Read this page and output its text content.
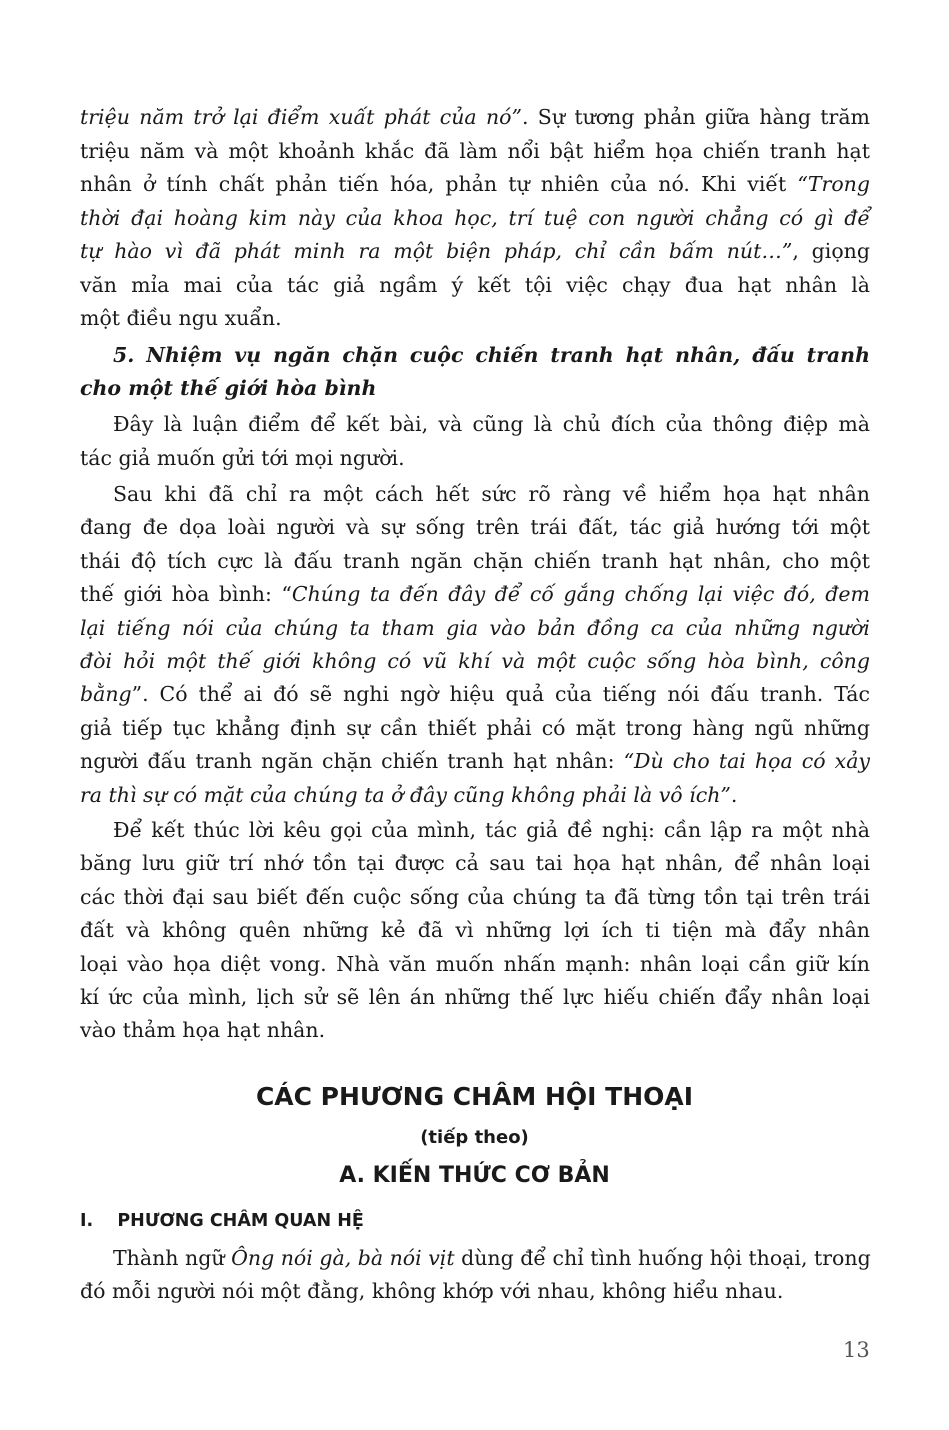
triệu năm trở lại điểm xuất phát của nó”. Sự tương phản giữa hàng trăm
triệu năm và một khoảnh khắc đã làm nổi bật hiểm họa chiến tranh hạt
nhân ở tính chất phản tiến hóa, phản tự nhiên của nó. Khi viết “Trong
thời đại hoàng kim này của khoa học, trí tuệ con người chẳng có gì để
tự hào vì đã phát minh ra một biện pháp, chỉ cần bấm nút…”, giọng
văn mỉa mai của tác giả ngầm ý kết tội việc chạy đua hạt nhân là
một điều ngu xuẩn.
5. Nhiệm vụ ngăn chặn cuộc chiến tranh hạt nhân, đấu tranh
cho một thế giới hòa bình
Đây là luận điểm để kết bài, và cũng là chủ đích của thông điệp mà
tác giả muốn gửi tới mọi người.
Sau khi đã chỉ ra một cách hết sức rõ ràng về hiểm họa hạt nhân
đang đe dọa loài người và sự sống trên trái đất, tác giả hướng tới một
thái độ tích cực là đấu tranh ngăn chặn chiến tranh hạt nhân, cho một
thế giới hòa bình: “Chúng ta đến đây để cố gắng chống lại việc đó, đem
lại tiếng nói của chúng ta tham gia vào bản đồng ca của những người
đòi hỏi một thế giới không có vũ khí và một cuộc sống hòa bình, công
bằng”. Có thể ai đó sẽ nghi ngờ hiệu quả của tiếng nói đấu tranh. Tác
giả tiếp tục khẳng định sự cần thiết phải có mặt trong hàng ngũ những
người đấu tranh ngăn chặn chiến tranh hạt nhân: “Dù cho tai họa có xảy
ra thì sự có mặt của chúng ta ở đây cũng không phải là vô ích”.
Để kết thúc lời kêu gọi của mình, tác giả đề nghị: cần lập ra một nhà
băng lưu giữ trí nhớ tồn tại được cả sau tai họa hạt nhân, để nhân loại
các thời đại sau biết đến cuộc sống của chúng ta đã từng tồn tại trên trái
đất và không quên những kẻ đã vì những lợi ích ti tiện mà đẩy nhân
loại vào họa diệt vong. Nhà văn muốn nhấn mạnh: nhân loại cần giữ kín
kí ức của mình, lịch sử sẽ lên án những thế lực hiếu chiến đẩy nhân loại
vào thảm họa hạt nhân.
Thành ngữ Ông nói gà, bà nói vịt dùng để chỉ tình huống hội thoại, trong
đó mỗi người nói một đằng, không khớp với nhau, không hiểu nhau.
CÁC PHƯƠNG CHÂM HỘI THOẠI
(tiếp theo)
A. KIẾN THỨC CƠ BẢN
I. PHƯƠNG CHÂM QUAN HỆ
13
